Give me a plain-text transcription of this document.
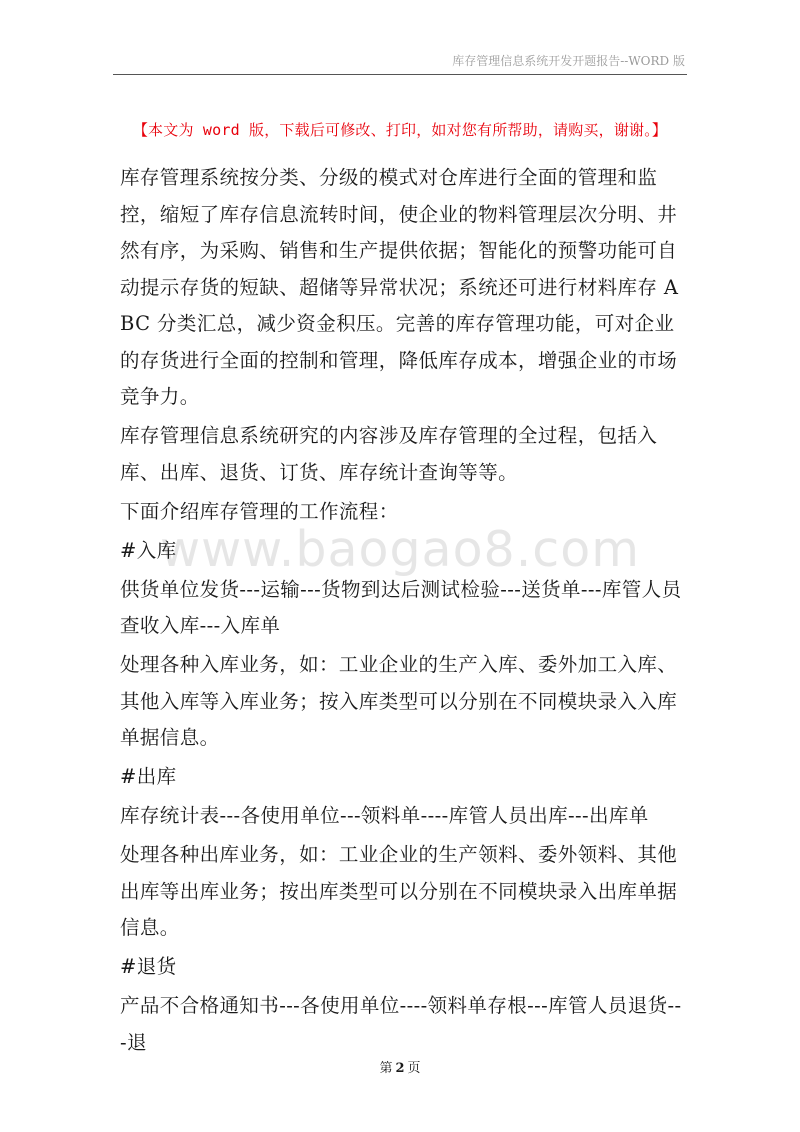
库存管理信息系统开发开题报告--WORD 版
【本文为 word 版，下载后可修改、打印，如对您有所帮助，请购买，谢谢。】
www.baogao8.com

库存管理系统按分类、分级的模式对仓库进行全面的管理和监控，缩短了库存信息流转时间，使企业的物料管理层次分明、井然有序，为采购、销售和生产提供依据；智能化的预警功能可自动提示存货的短缺、超储等异常状况；系统还可进行材料库存 ABC 分类汇总，减少资金积压。完善的库存管理功能，可对企业的存货进行全面的控制和管理，降低库存成本，增强企业的市场竞争力。

库存管理信息系统研究的内容涉及库存管理的全过程，包括入库、出库、退货、订货、库存统计查询等等。

下面介绍库存管理的工作流程：

#入库

供货单位发货---运输---货物到达后测试检验---送货单---库管人员查收入库---入库单

处理各种入库业务，如：工业企业的生产入库、委外加工入库、其他入库等入库业务；按入库类型可以分别在不同模块录入入库单据信息。

#出库

库存统计表---各使用单位---领料单----库管人员出库---出库单

处理各种出库业务，如：工业企业的生产领料、委外领料、其他出库等出库业务；按出库类型可以分别在不同模块录入出库单据信息。

#退货

产品不合格通知书---各使用单位----领料单存根---库管人员退货---退

第 2 页
